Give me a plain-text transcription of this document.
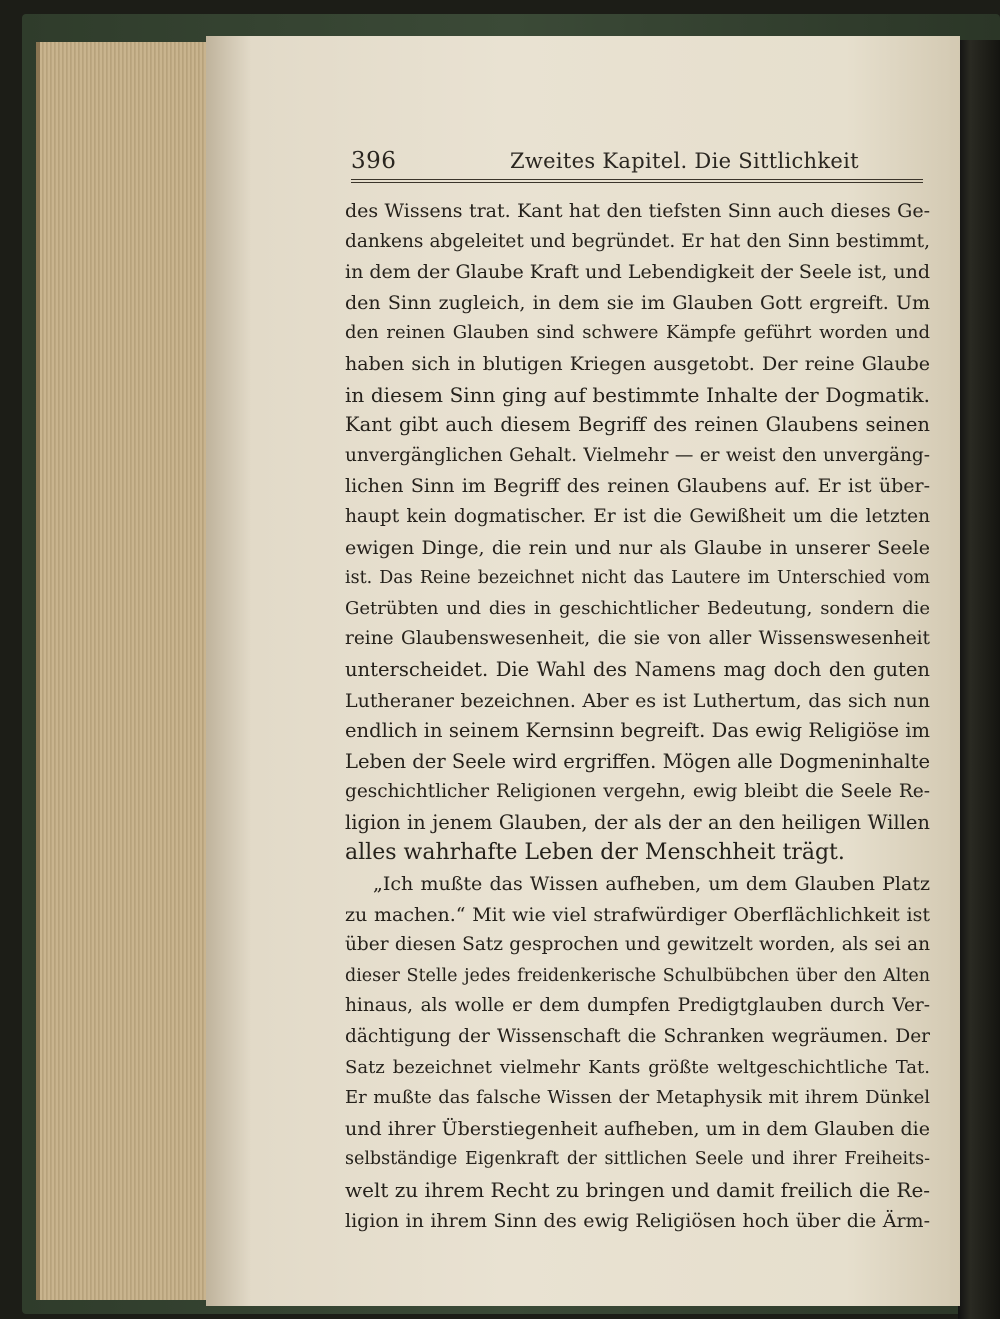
396	Zweites Kapitel. Die Sittlichkeit
des Wissens trat. Kant hat den tiefsten Sinn auch dieses Ge-
dankens abgeleitet und begründet. Er hat den Sinn bestimmt,
in dem der Glaube Kraft und Lebendigkeit der Seele ist, und
den Sinn zugleich, in dem sie im Glauben Gott ergreift. Um
den reinen Glauben sind schwere Kämpfe geführt worden und
haben sich in blutigen Kriegen ausgetobt. Der reine Glaube
in diesem Sinn ging auf bestimmte Inhalte der Dogmatik.
Kant gibt auch diesem Begriff des reinen Glaubens seinen
unvergänglichen Gehalt. Vielmehr — er weist den unvergäng-
lichen Sinn im Begriff des reinen Glaubens auf. Er ist über-
haupt kein dogmatischer. Er ist die Gewißheit um die letzten
ewigen Dinge, die rein und nur als Glaube in unserer Seele
ist. Das Reine bezeichnet nicht das Lautere im Unterschied vom
Getrübten und dies in geschichtlicher Bedeutung, sondern die
reine Glaubenswesenheit, die sie von aller Wissenswesenheit
unterscheidet. Die Wahl des Namens mag doch den guten
Lutheraner bezeichnen. Aber es ist Luthertum, das sich nun
endlich in seinem Kernsinn begreift. Das ewig Religiöse im
Leben der Seele wird ergriffen. Mögen alle Dogmeninhalte
geschichtlicher Religionen vergehn, ewig bleibt die Seele Re-
ligion in jenem Glauben, der als der an den heiligen Willen
alles wahrhafte Leben der Menschheit trägt.
„Ich mußte das Wissen aufheben, um dem Glauben Platz
zu machen.“ Mit wie viel strafwürdiger Oberflächlichkeit ist
über diesen Satz gesprochen und gewitzelt worden, als sei an
dieser Stelle jedes freidenkerische Schulbübchen über den Alten
hinaus, als wolle er dem dumpfen Predigtglauben durch Ver-
dächtigung der Wissenschaft die Schranken wegräumen. Der
Satz bezeichnet vielmehr Kants größte weltgeschichtliche Tat.
Er mußte das falsche Wissen der Metaphysik mit ihrem Dünkel
und ihrer Überstiegenheit aufheben, um in dem Glauben die
selbständige Eigenkraft der sittlichen Seele und ihrer Freiheits-
welt zu ihrem Recht zu bringen und damit freilich die Re-
ligion in ihrem Sinn des ewig Religiösen hoch über die Ärm-
